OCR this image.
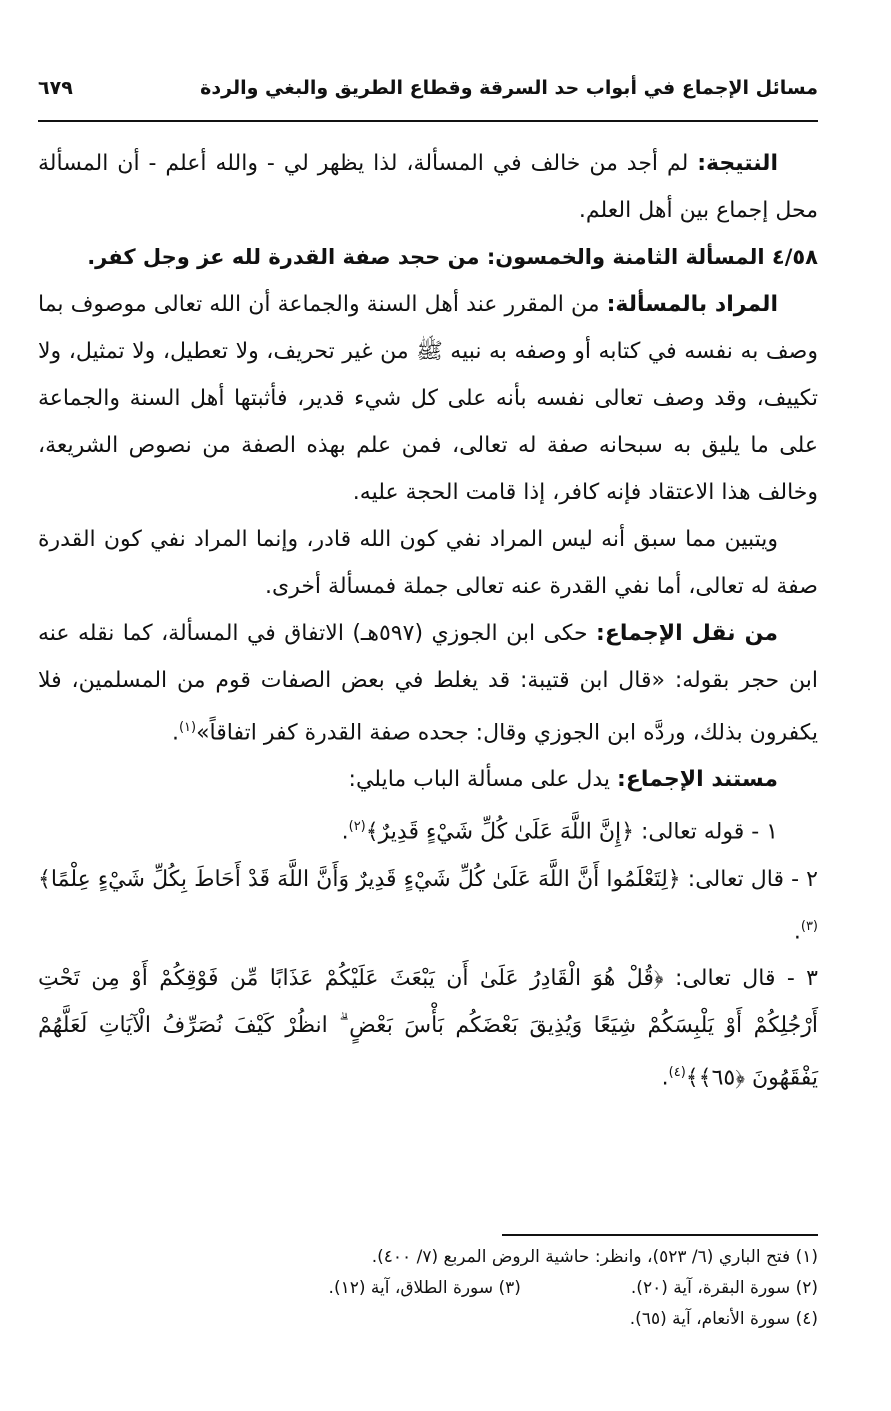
مسائل الإجماع في أبواب حد السرقة وقطاع الطريق والبغي والردة
٦٧٩

النتيجة: لم أجد من خالف في المسألة، لذا يظهر لي - والله أعلم - أن المسألة محل إجماع بين أهل العلم.

٤/٥٨ المسألة الثامنة والخمسون: من حجد صفة القدرة لله عز وجل كفر.

المراد بالمسألة: من المقرر عند أهل السنة والجماعة أن الله تعالى موصوف بما وصف به نفسه في كتابه أو وصفه به نبيه ﷺ من غير تحريف، ولا تعطيل، ولا تمثيل، ولا تكييف، وقد وصف تعالى نفسه بأنه على كل شيء قدير، فأثبتها أهل السنة والجماعة على ما يليق به سبحانه صفة له تعالى، فمن علم بهذه الصفة من نصوص الشريعة، وخالف هذا الاعتقاد فإنه كافر، إذا قامت الحجة عليه.

ويتبين مما سبق أنه ليس المراد نفي كون الله قادر، وإنما المراد نفي كون القدرة صفة له تعالى، أما نفي القدرة عنه تعالى جملة فمسألة أخرى.

من نقل الإجماع: حكى ابن الجوزي (٥٩٧هـ) الاتفاق في المسألة، كما نقله عنه ابن حجر بقوله: «قال ابن قتيبة: قد يغلط في بعض الصفات قوم من المسلمين، فلا يكفرون بذلك، وردَّه ابن الجوزي وقال: جحده صفة القدرة كفر اتفاقاً»$^{(١)}$.

مستند الإجماع: يدل على مسألة الباب مايلي:

١ - قوله تعالى: ﴿إِنَّ اللَّهَ عَلَىٰ كُلِّ شَيْءٍ قَدِيرٌ﴾$^{(٢)}$.

٢ - قال تعالى: ﴿لِتَعْلَمُوا أَنَّ اللَّهَ عَلَىٰ كُلِّ شَيْءٍ قَدِيرٌ وَأَنَّ اللَّهَ قَدْ أَحَاطَ بِكُلِّ شَيْءٍ عِلْمًا﴾$^{(٣)}$.

٣ - قال تعالى: ﴿قُلْ هُوَ الْقَادِرُ عَلَىٰ أَن يَبْعَثَ عَلَيْكُمْ عَذَابًا مِّن فَوْقِكُمْ أَوْ مِن تَحْتِ أَرْجُلِكُمْ أَوْ يَلْبِسَكُمْ شِيَعًا وَيُذِيقَ بَعْضَكُم بَأْسَ بَعْضٍ ۗ انظُرْ كَيْفَ نُصَرِّفُ الْآيَاتِ لَعَلَّهُمْ يَفْقَهُونَ ﴿٦٥﴾﴾$^{(٤)}$.

(١) فتح الباري (٦/ ٥٢٣)، وانظر: حاشية الروض المربع (٧/ ٤٠٠).

(٢) سورة البقرة، آية (٢٠).
(٣) سورة الطلاق، آية (١٢).

(٤) سورة الأنعام، آية (٦٥).
